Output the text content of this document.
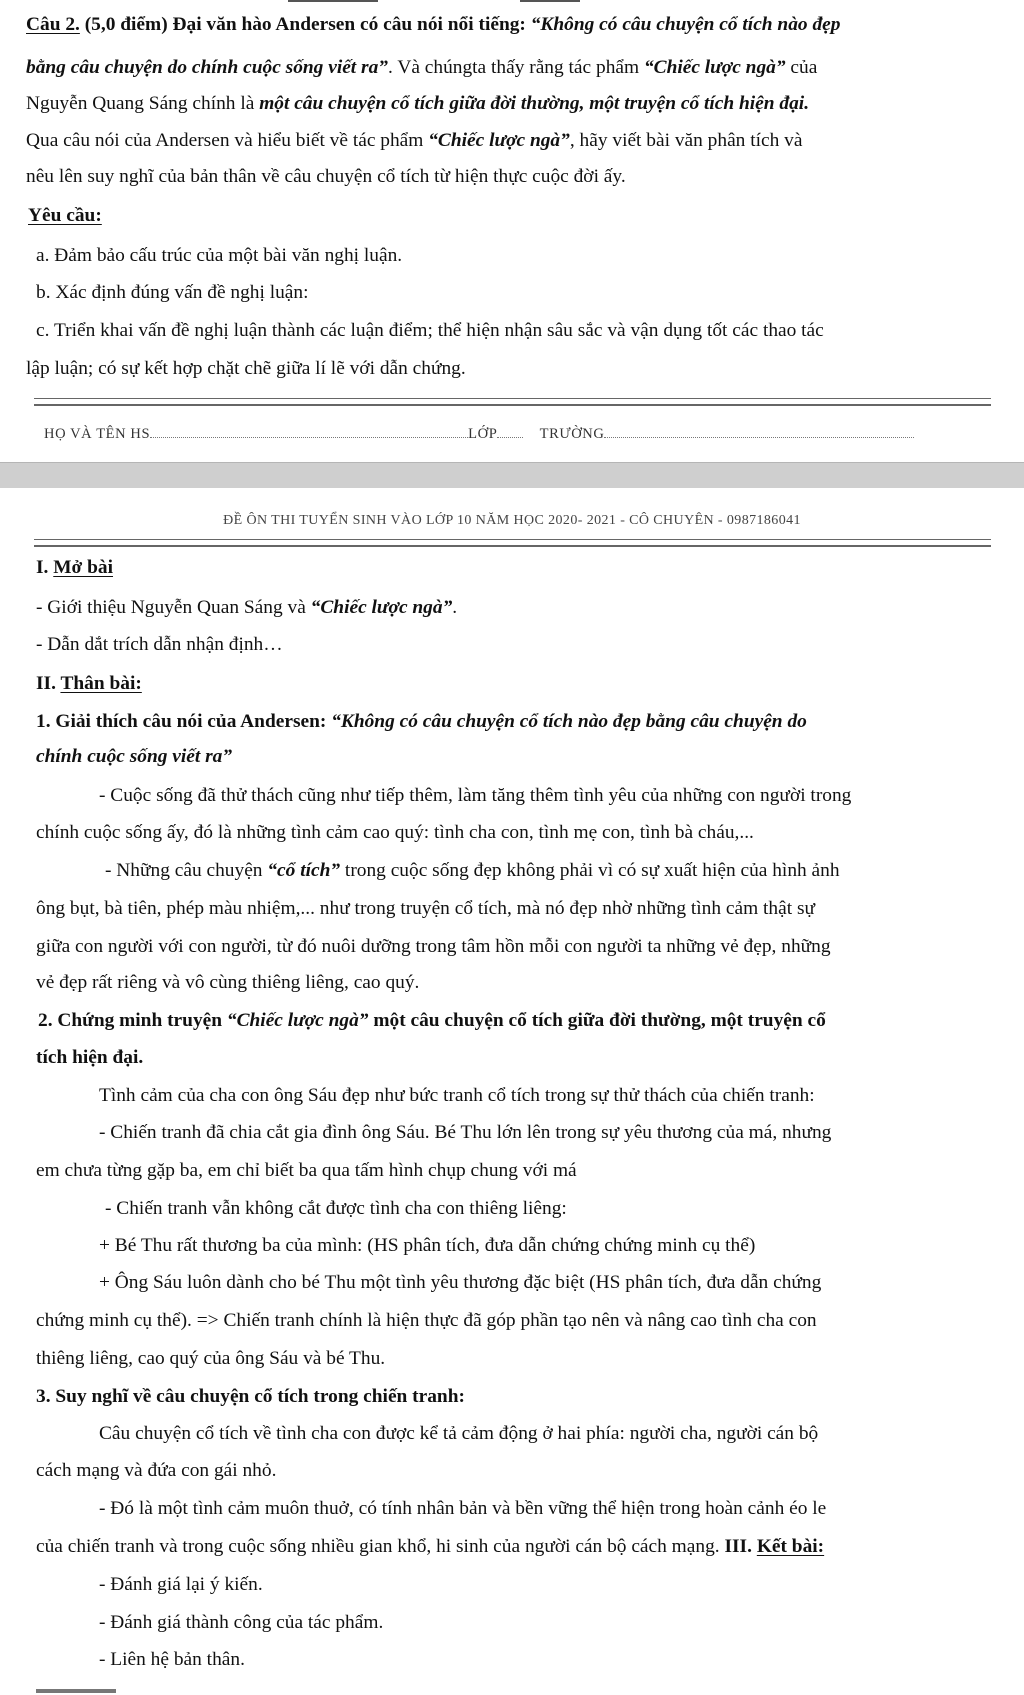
Câu 2. (5,0 điểm) Đại văn hào Andersen có câu nói nổi tiếng: “Không có câu chuyện cổ tích nào đẹp
bằng câu chuyện do chính cuộc sống viết ra”. Và chúngta thấy rằng tác phẩm “Chiếc lược ngà” của
Nguyễn Quang Sáng chính là một câu chuyện cổ tích giữa đời thường, một truyện cổ tích hiện đại.
Qua câu nói của Andersen và hiểu biết về tác phẩm “Chiếc lược ngà”, hãy viết bài văn phân tích và
nêu lên suy nghĩ của bản thân về câu chuyện cổ tích từ hiện thực cuộc đời ấy.
Yêu cầu:
a. Đảm bảo cấu trúc của một bài văn nghị luận.
b. Xác định đúng vấn đề nghị luận:
c. Triển khai vấn đề nghị luận thành các luận điểm; thể hiện nhận sâu sắc và vận dụng tốt các thao tác
lập luận; có sự kết hợp chặt chẽ giữa lí lẽ với dẫn chứng.
HỌ VÀ TÊN HS	LỚP	TRƯỜNG
ĐỀ ÔN THI TUYỂN SINH VÀO LỚP 10 NĂM HỌC 2020- 2021 - CÔ CHUYÊN - 0987186041
I. Mở bài
- Giới thiệu Nguyễn Quan Sáng và “Chiếc lược ngà”.
- Dẫn dắt trích dẫn nhận định…
II. Thân bài:
1. Giải thích câu nói của Andersen: “Không có câu chuyện cổ tích nào đẹp bằng câu chuyện do
chính cuộc sống viết ra”
- Cuộc sống đã thử thách cũng như tiếp thêm, làm tăng thêm tình yêu của những con người trong
chính cuộc sống ấy, đó là những tình cảm cao quý: tình cha con, tình mẹ con, tình bà cháu,...
- Những câu chuyện “cổ tích” trong cuộc sống đẹp không phải vì có sự xuất hiện của hình ảnh
ông bụt, bà tiên, phép màu nhiệm,... như trong truyện cổ tích, mà nó đẹp nhờ những tình cảm thật sự
giữa con người với con người, từ đó nuôi dưỡng trong tâm hồn mỗi con người ta những vẻ đẹp, những
vẻ đẹp rất riêng và vô cùng thiêng liêng, cao quý.
2. Chứng minh truyện “Chiếc lược ngà” một câu chuyện cổ tích giữa đời thường, một truyện cổ
tích hiện đại.
Tình cảm của cha con ông Sáu đẹp như bức tranh cổ tích trong sự thử thách của chiến tranh:
- Chiến tranh đã chia cắt gia đình ông Sáu. Bé Thu lớn lên trong sự yêu thương của má, nhưng
em chưa từng gặp ba, em chỉ biết ba qua tấm hình chụp chung với má
- Chiến tranh vẫn không cắt được tình cha con thiêng liêng:
+ Bé Thu rất thương ba của mình: (HS phân tích, đưa dẫn chứng chứng minh cụ thể)
+ Ông Sáu luôn dành cho bé Thu một tình yêu thương đặc biệt (HS phân tích, đưa dẫn chứng
chứng minh cụ thể). => Chiến tranh chính là hiện thực đã góp phần tạo nên và nâng cao tình cha con
thiêng liêng, cao quý của ông Sáu và bé Thu.
3. Suy nghĩ về câu chuyện cổ tích trong chiến tranh:
Câu chuyện cổ tích về tình cha con được kể tả cảm động ở hai phía: người cha, người cán bộ
cách mạng và đứa con gái nhỏ.
- Đó là một tình cảm muôn thuở, có tính nhân bản và bền vững thể hiện trong hoàn cảnh éo le
của chiến tranh và trong cuộc sống nhiều gian khổ, hi sinh của người cán bộ cách mạng. III. Kết bài:
- Đánh giá lại ý kiến.
- Đánh giá thành công của tác phẩm.
- Liên hệ bản thân.
